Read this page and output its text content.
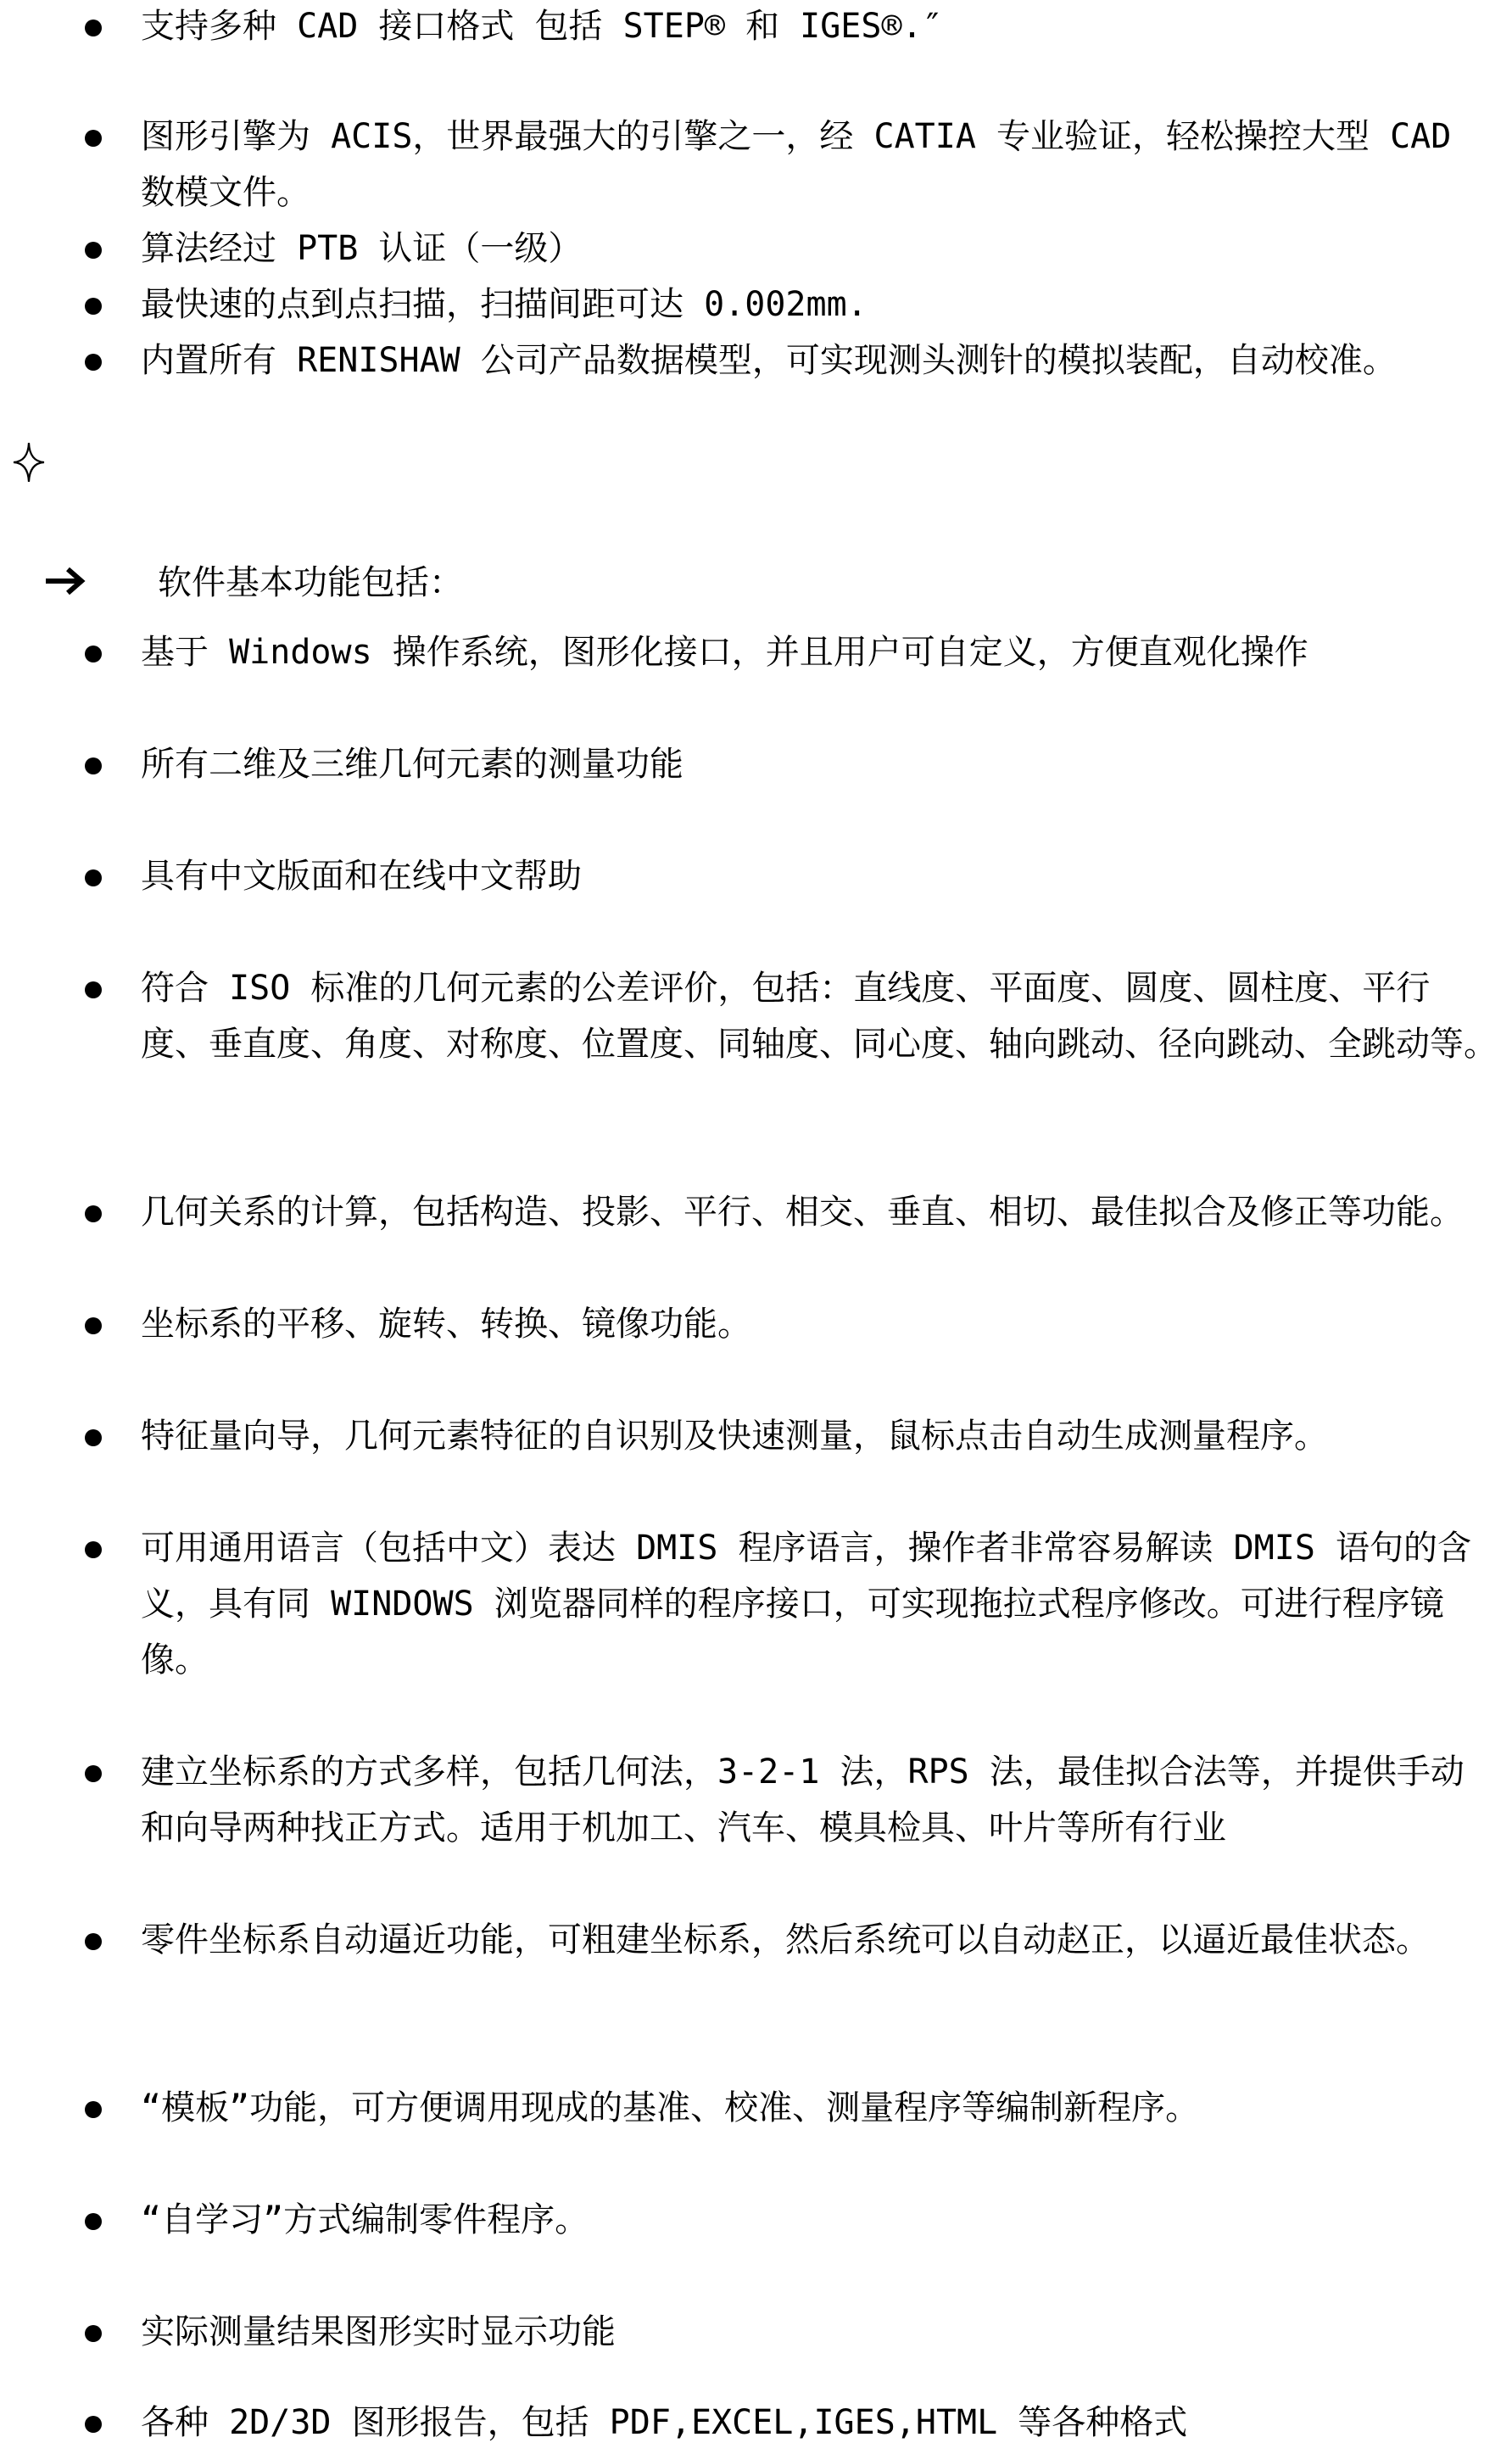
支持多种 CAD 接口格式 包括 STEP® 和 IGES®.″
图形引擎为 ACIS，世界最强大的引擎之一，经 CATIA 专业验证，轻松操控大型 CAD 数模文件。
算法经过 PTB 认证（一级）
最快速的点到点扫描，扫描间距可达 0.002mm.
内置所有 RENISHAW 公司产品数据模型，可实现测头测针的模拟装配，自动校准。
软件基本功能包括：
基于 Windows 操作系统，图形化接口，并且用户可自定义，方便直观化操作
所有二维及三维几何元素的测量功能
具有中文版面和在线中文帮助
符合 ISO 标准的几何元素的公差评价，包括：直线度、平面度、圆度、圆柱度、平行度、垂直度、角度、对称度、位置度、同轴度、同心度、轴向跳动、径向跳动、全跳动等。
几何关系的计算，包括构造、投影、平行、相交、垂直、相切、最佳拟合及修正等功能。
坐标系的平移、旋转、转换、镜像功能。
特征量向导，几何元素特征的自识别及快速测量，鼠标点击自动生成测量程序。
可用通用语言（包括中文）表达 DMIS 程序语言，操作者非常容易解读 DMIS 语句的含义，具有同 WINDOWS 浏览器同样的程序接口，可实现拖拉式程序修改。可进行程序镜像。
建立坐标系的方式多样，包括几何法，3-2-1 法，RPS 法，最佳拟合法等，并提供手动和向导两种找正方式。适用于机加工、汽车、模具检具、叶片等所有行业
零件坐标系自动逼近功能，可粗建坐标系，然后系统可以自动赵正，以逼近最佳状态。
“模板”功能，可方便调用现成的基准、校准、测量程序等编制新程序。
“自学习”方式编制零件程序。
实际测量结果图形实时显示功能
各种 2D/3D 图形报告，包括 PDF,EXCEL,IGES,HTML 等各种格式
